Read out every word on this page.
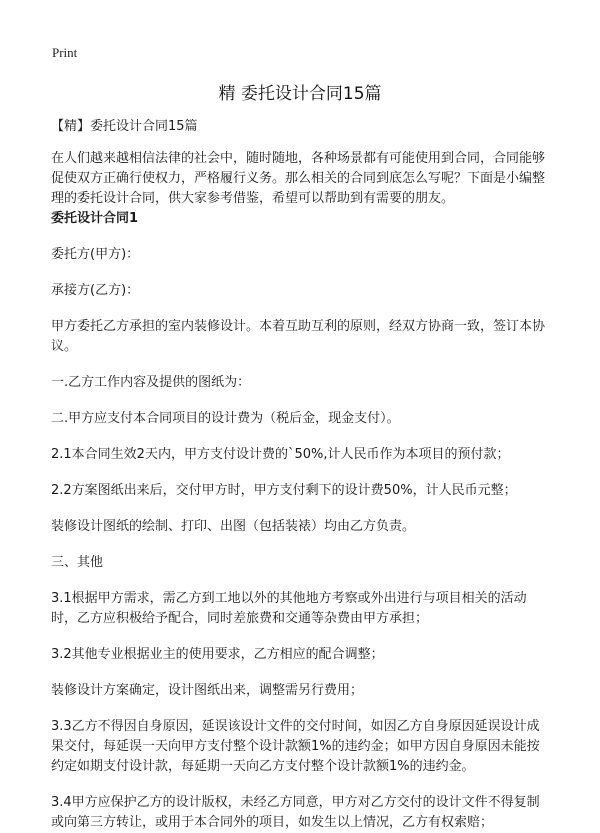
Print
精 委托设计合同15篇

【精】委托设计合同15篇

在人们越来越相信法律的社会中，随时随地，各种场景都有可能使用到合同，合同能够促使双方正确行使权力，严格履行义务。那么相关的合同到底怎么写呢？下面是小编整理的委托设计合同，供大家参考借鉴，希望可以帮助到有需要的朋友。

委托设计合同1

委托方(甲方)：

承接方(乙方)：

甲方委托乙方承担的室内装修设计。本着互助互利的原则，经双方协商一致，签订本协议。

一.乙方工作内容及提供的图纸为：

二.甲方应支付本合同项目的设计费为（税后金，现金支付）。

2.1本合同生效2天内，甲方支付设计费的`50%,计人民币作为本项目的预付款；

2.2方案图纸出来后，交付甲方时，甲方支付剩下的设计费50%，计人民币元整；

装修设计图纸的绘制、打印、出图（包括装裱）均由乙方负责。

三、其他

3.1根据甲方需求，需乙方到工地以外的其他地方考察或外出进行与项目相关的活动时，乙方应积极给予配合，同时差旅费和交通等杂费由甲方承担；

3.2其他专业根据业主的使用要求，乙方相应的配合调整；

装修设计方案确定，设计图纸出来，调整需另行费用；

3.3乙方不得因自身原因，延误该设计文件的交付时间，如因乙方自身原因延误设计成果交付，每延误一天向甲方支付整个设计款额1%的违约金；如甲方因自身原因未能按约定如期支付设计款，每延期一天向乙方支付整个设计款额1%的违约金。

3.4甲方应保护乙方的设计版权，未经乙方同意，甲方对乙方交付的设计文件不得复制或向第三方转让，或用于本合同外的项目，如发生以上情况，乙方有权索赔；
